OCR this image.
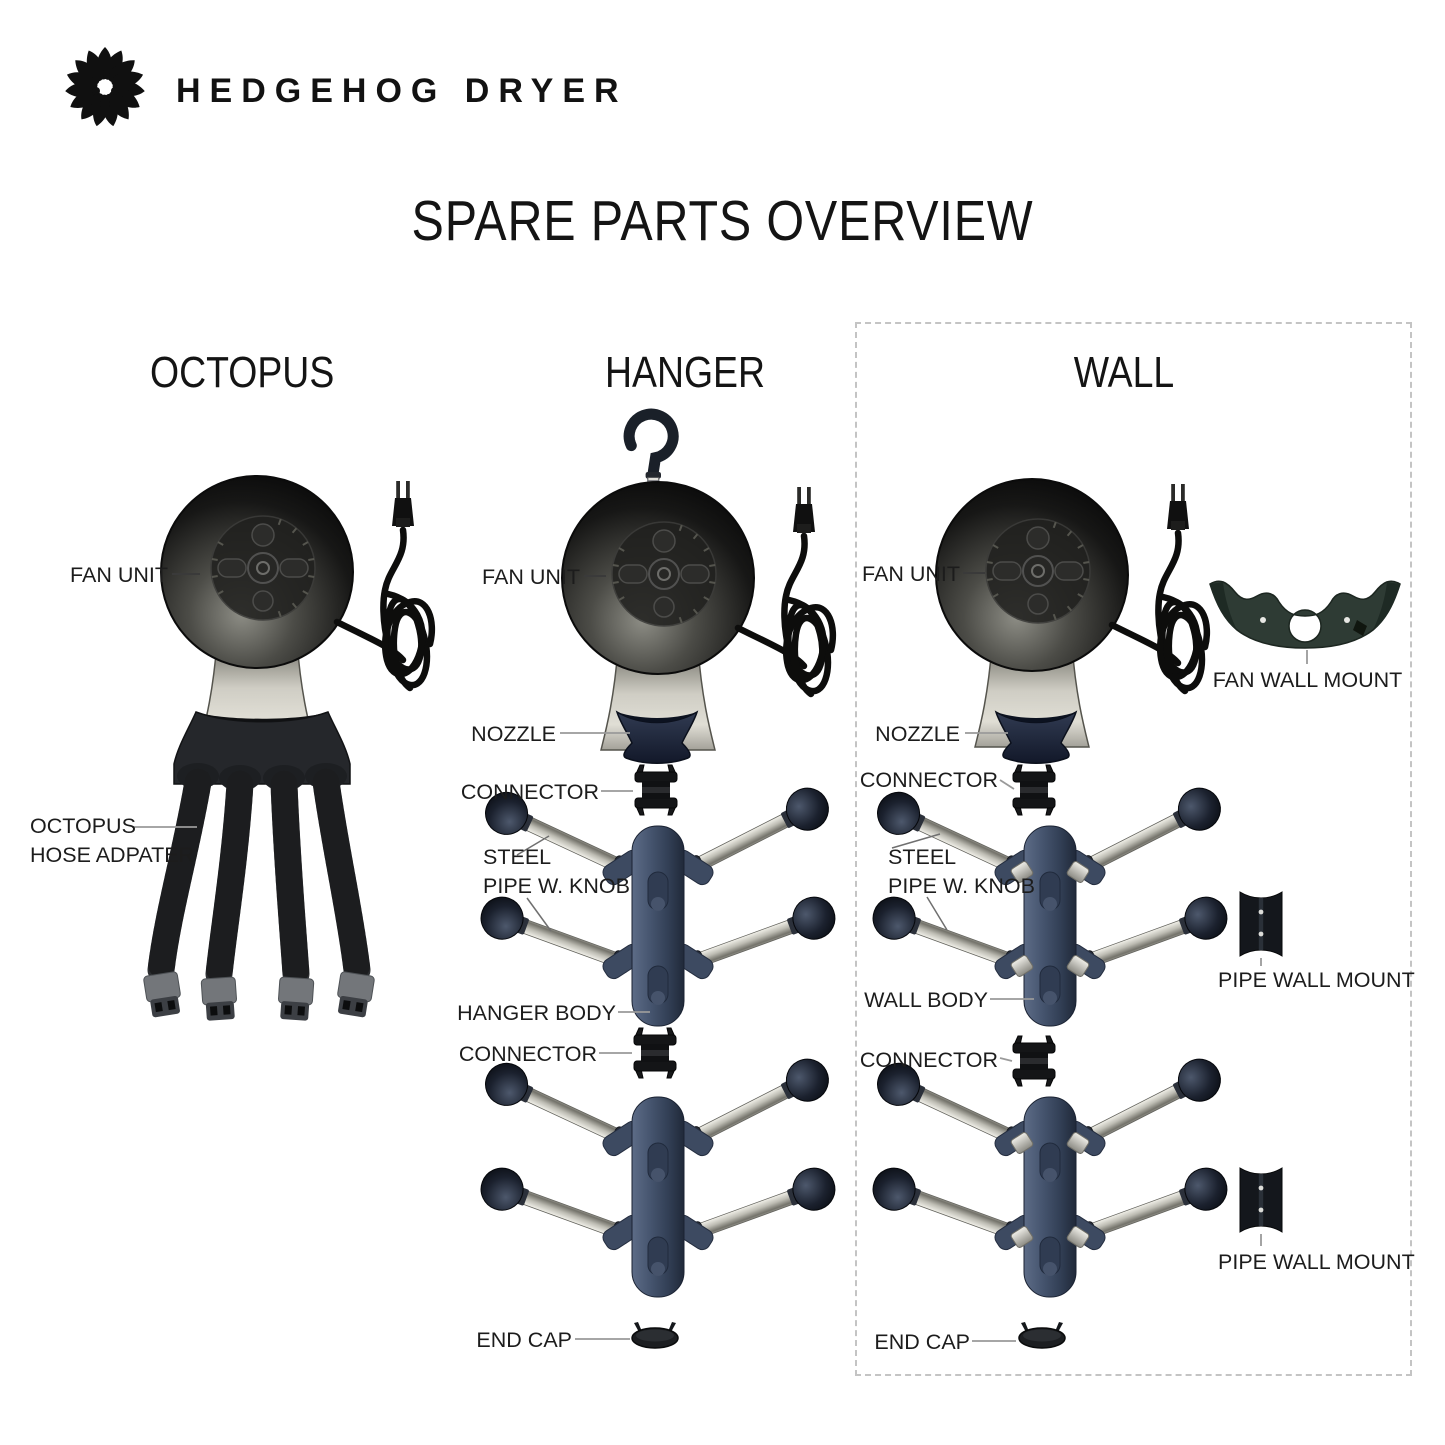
HEDGEHOG DRYER
SPARE PARTS OVERVIEW
OCTOPUS	HANGER	WALL
FAN UNIT
OCTOPUS
HOSE ADPATER
FAN UNIT
NOZZLE
CONNECTOR
STEEL
PIPE W. KNOB
HANGER BODY
CONNECTOR
END CAP
FAN UNIT
FAN WALL MOUNT
NOZZLE
CONNECTOR
STEEL
PIPE W. KNOB
WALL BODY
PIPE WALL MOUNT
CONNECTOR
PIPE WALL MOUNT
END CAP
